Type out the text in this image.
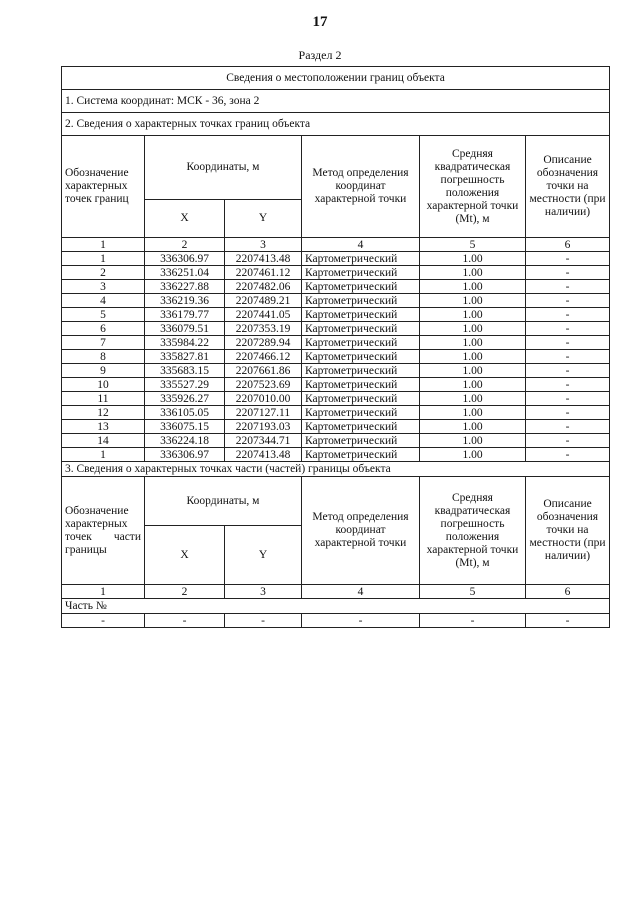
17
Раздел 2
Сведения о местоположении границ объекта					
1. Система координат: МСК - 36, зона 2					
2. Сведения о характерных точках границ объекта					
Обозначение характерных точек границ	Координаты, м		Метод определения координат характерной точки	Средняя квадратическая погрешность положения характерной точки (Mt), м	Описание обозначения точки на местности (при наличии)
	X	Y			
1	2	3	4	5	6
1	336306.97	2207413.48	Картометрический	1.00	-
2	336251.04	2207461.12	Картометрический	1.00	-
3	336227.88	2207482.06	Картометрический	1.00	-
4	336219.36	2207489.21	Картометрический	1.00	-
5	336179.77	2207441.05	Картометрический	1.00	-
6	336079.51	2207353.19	Картометрический	1.00	-
7	335984.22	2207289.94	Картометрический	1.00	-
8	335827.81	2207466.12	Картометрический	1.00	-
9	335683.15	2207661.86	Картометрический	1.00	-
10	335527.29	2207523.69	Картометрический	1.00	-
11	335926.27	2207010.00	Картометрический	1.00	-
12	336105.05	2207127.11	Картометрический	1.00	-
13	336075.15	2207193.03	Картометрический	1.00	-
14	336224.18	2207344.71	Картометрический	1.00	-
1	336306.97	2207413.48	Картометрический	1.00	-
3. Сведения о характерных точках части (частей) границы объекта					
Обозначение характерных точек части границы	Координаты, м		Метод определения координат характерной точки	Средняя квадратическая погрешность положения характерной точки (Mt), м	Описание обозначения точки на местности (при наличии)
	X	Y			
1	2	3	4	5	6
Часть №					
-	-	-	-	-	-
